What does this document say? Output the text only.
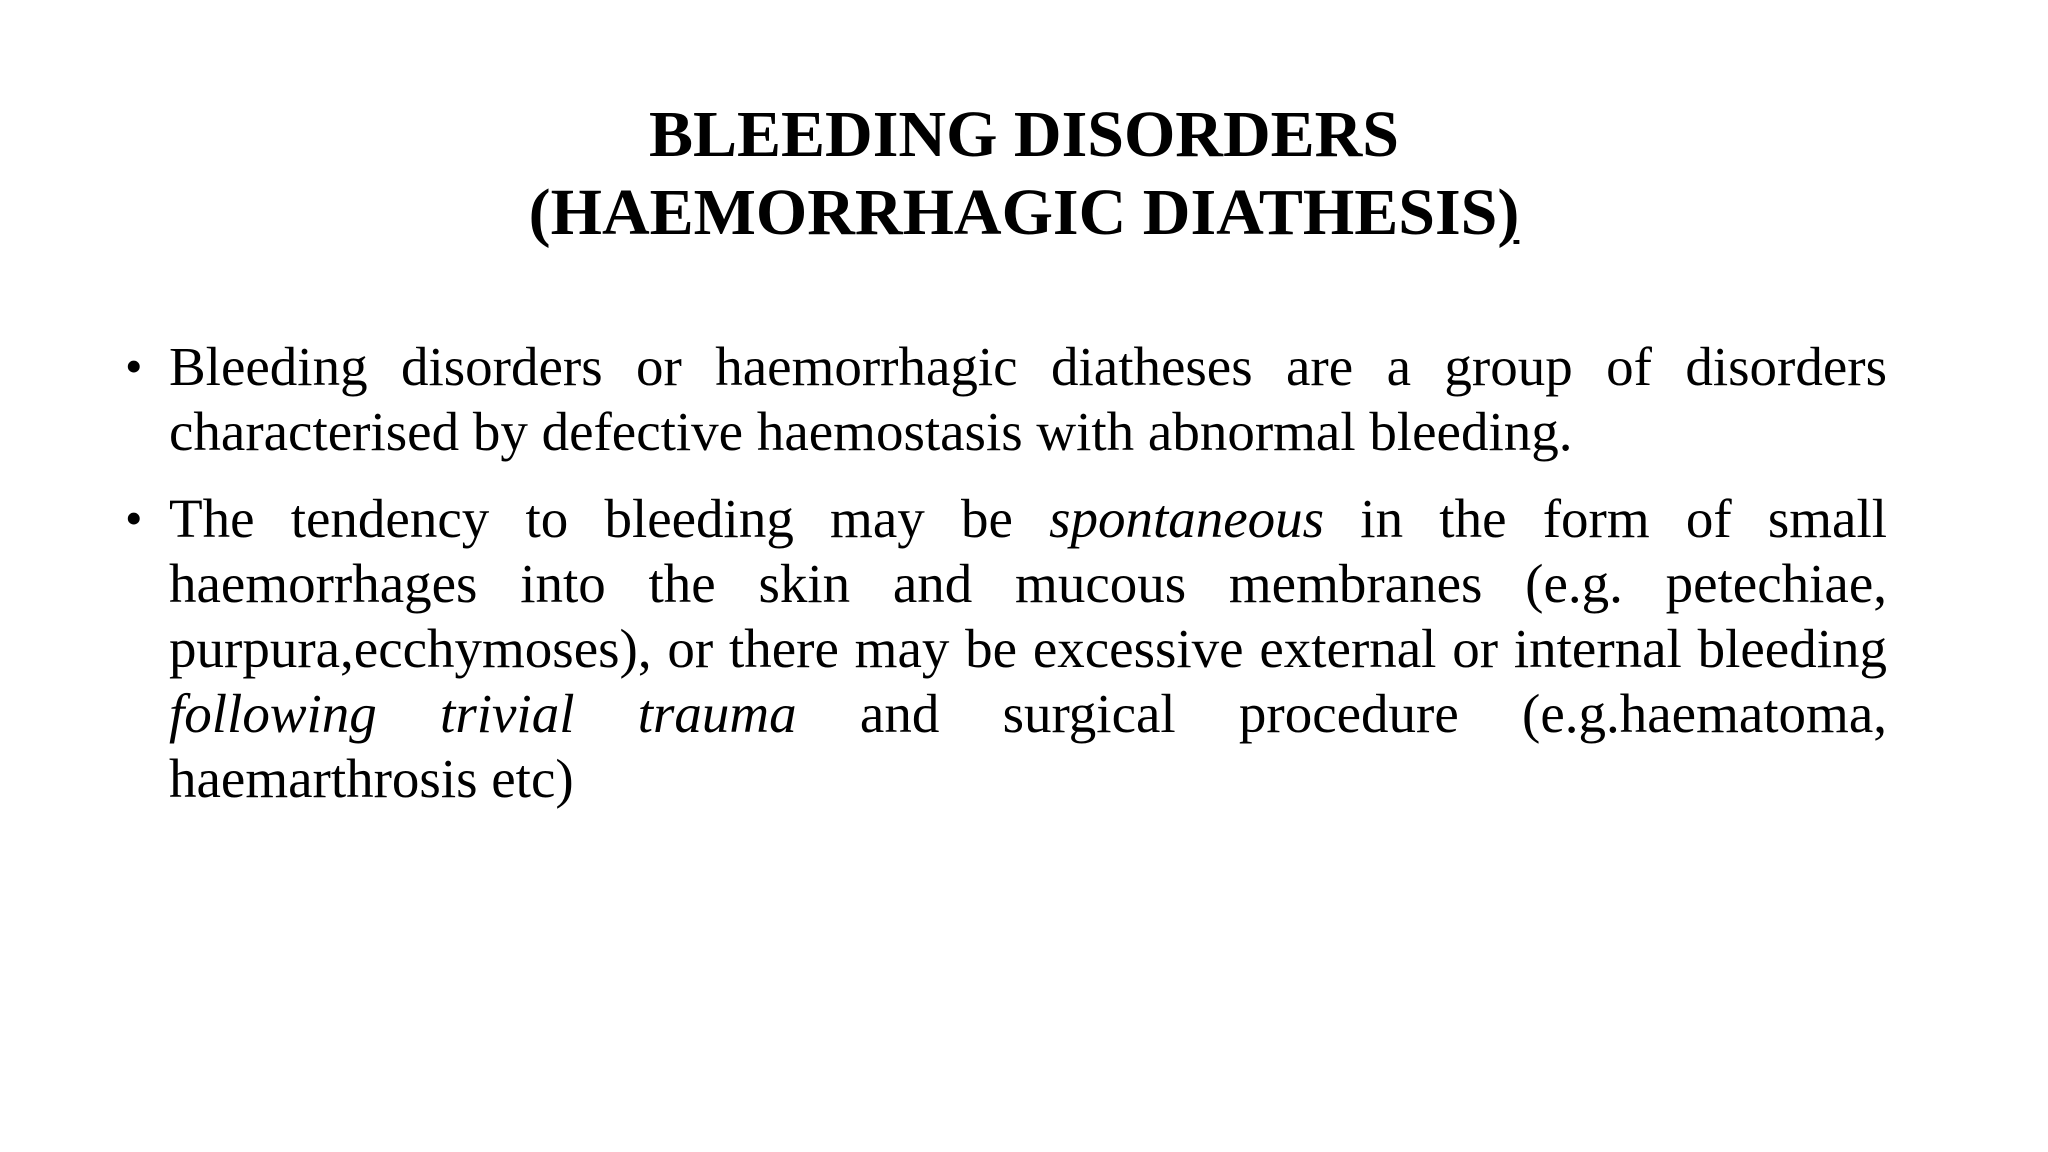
BLEEDING DISORDERS
(HAEMORRHAGIC DIATHESIS)
• Bleeding disorders or haemorrhagic diatheses are a group of disorders characterised by defective haemostasis with abnormal bleeding.
• The tendency to bleeding may be spontaneous in the form of small haemorrhages into the skin and mucous membranes (e.g. petechiae, purpura,ecchymoses), or there may be excessive external or internal bleeding following trivial trauma and surgical procedure (e.g.haematoma, haemarthrosis etc)
